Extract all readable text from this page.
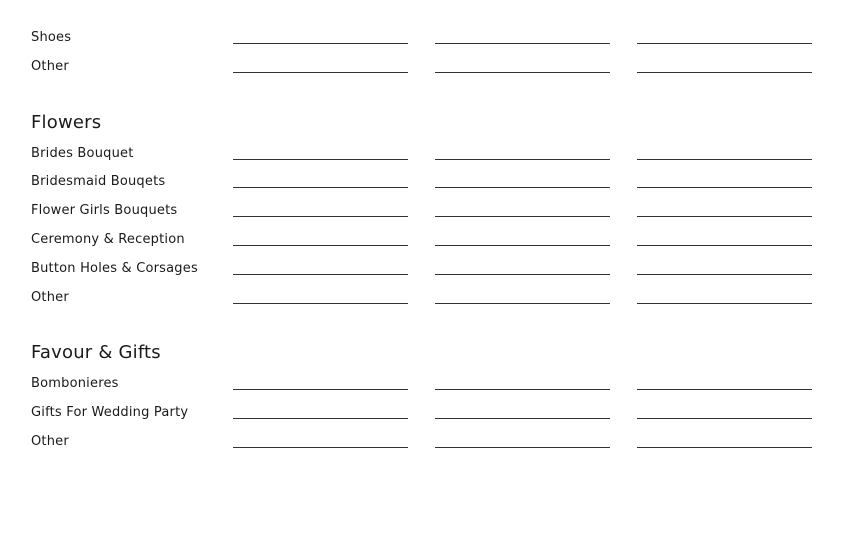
Shoes
Other
Flowers
Brides Bouquet
Bridesmaid Bouqets
Flower Girls Bouquets
Ceremony & Reception
Button Holes & Corsages
Other
Favour & Gifts
Bombonieres
Gifts For Wedding Party
Other
